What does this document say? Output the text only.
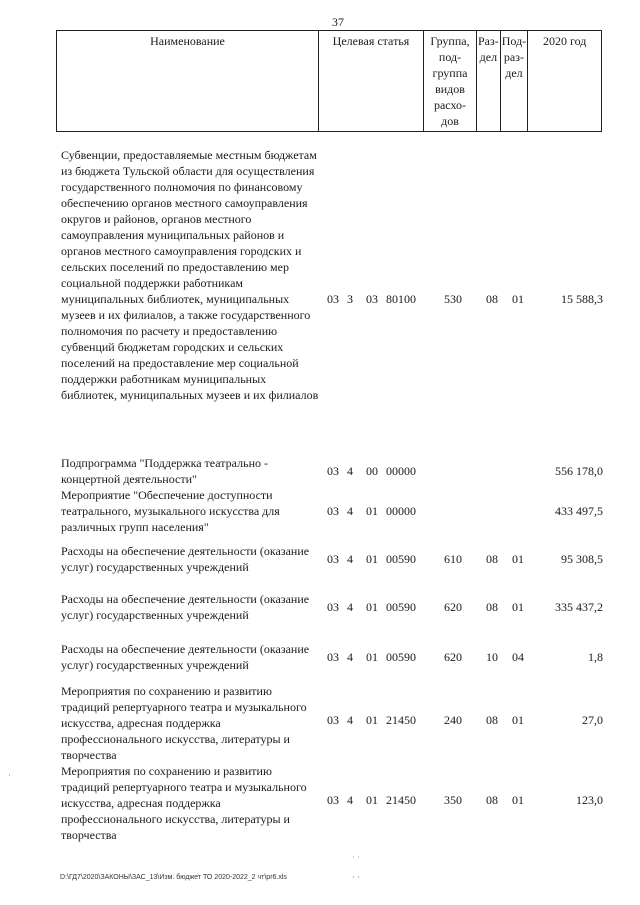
37
Наименование	Целевая статья	Группа,
под-
группа
видов
расхо-
дов	Раз-
дел	Под-
раз-
дел	2020 год
Субвенции, предоставляемые местным бюджетам из бюджета Тульской области для осуществления государственного полномочия по финансовому обеспечению органов местного самоуправления округов и районов, органов местного самоуправления муниципальных районов и органов местного самоуправления городских и сельских поселений по предоставлению мер социальной поддержки работникам муниципальных библиотек, муниципальных музеев и их филиалов, а также государственного полномочия по расчету и предоставлению субвенций бюджетам городских и сельских поселений на предоставление мер социальной поддержки работникам муниципальных библиотек, муниципальных музеев и их филиалов
03 3 03 80100 530 08 01	15 588,3
Подпрограмма "Поддержка театрально - концертной деятельности"
03 4 00 00000	556 178,0
Мероприятие "Обеспечение доступности театрального, музыкального искусства для различных групп населения"
03 4 01 00000	433 497,5
Расходы на обеспечение деятельности (оказание услуг) государственных учреждений
03 4 01 00590 610 08 01	95 308,5
Расходы на обеспечение деятельности (оказание услуг) государственных учреждений
03 4 01 00590 620 08 01	335 437,2
Расходы на обеспечение деятельности (оказание услуг) государственных учреждений
03 4 01 00590 620 10 04	1,8
Мероприятия по сохранению и развитию традиций репертуарного театра и музыкального искусства, адресная поддержка профессионального искусства, литературы и творчества
03 4 01 21450 240 08 01	27,0
Мероприятия по сохранению и развитию традиций репертуарного театра и музыкального искусства, адресная поддержка профессионального искусства, литературы и творчества
03 4 01 21450 350 08 01	123,0
·
˙ ˙
ˎ ˎ
D:\ГД7\2020\ЗАКОНЫ\ЗАС_13\Изм. бюджет ТО 2020-2022_2 чт\рr6.xls
